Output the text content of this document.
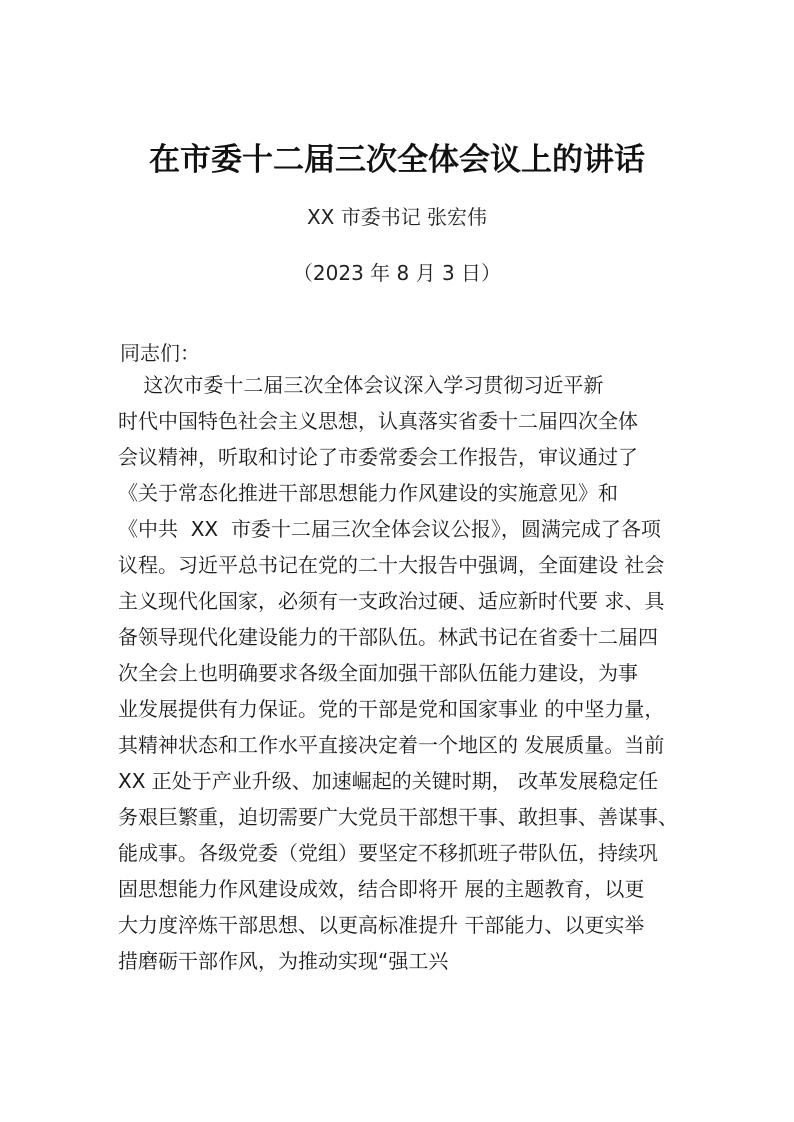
在市委十二届三次全体会议上的讲话
XX 市委书记 张宏伟
（2023 年 8 月 3 日）
同志们：
这次市委十二届三次全体会议深入学习贯彻习近平新
时代中国特色社会主义思想，认真落实省委十二届四次全体
会议精神，听取和讨论了市委常委会工作报告，审议通过了
《关于常态化推进干部思想能力作风建设的实施意见》和
《中共  XX  市委十二届三次全体会议公报》，圆满完成了各项
议程。习近平总书记在党的二十大报告中强调，全面建设 社会
主义现代化国家，必须有一支政治过硬、适应新时代要 求、具
备领导现代化建设能力的干部队伍。林武书记在省委十二届四
次全会上也明确要求各级全面加强干部队伍能力建设，为事
业发展提供有力保证。党的干部是党和国家事业 的中坚力量，
其精神状态和工作水平直接决定着一个地区的 发展质量。当前
XX 正处于产业升级、加速崛起的关键时期， 改革发展稳定任
务艰巨繁重，迫切需要广大党员干部想干事、敢担事、善谋事、
能成事。各级党委（党组）要坚定不移抓班子带队伍，持续巩
固思想能力作风建设成效，结合即将开 展的主题教育，以更
大力度淬炼干部思想、以更高标准提升 干部能力、以更实举
措磨砺干部作风，为推动实现“强工兴
